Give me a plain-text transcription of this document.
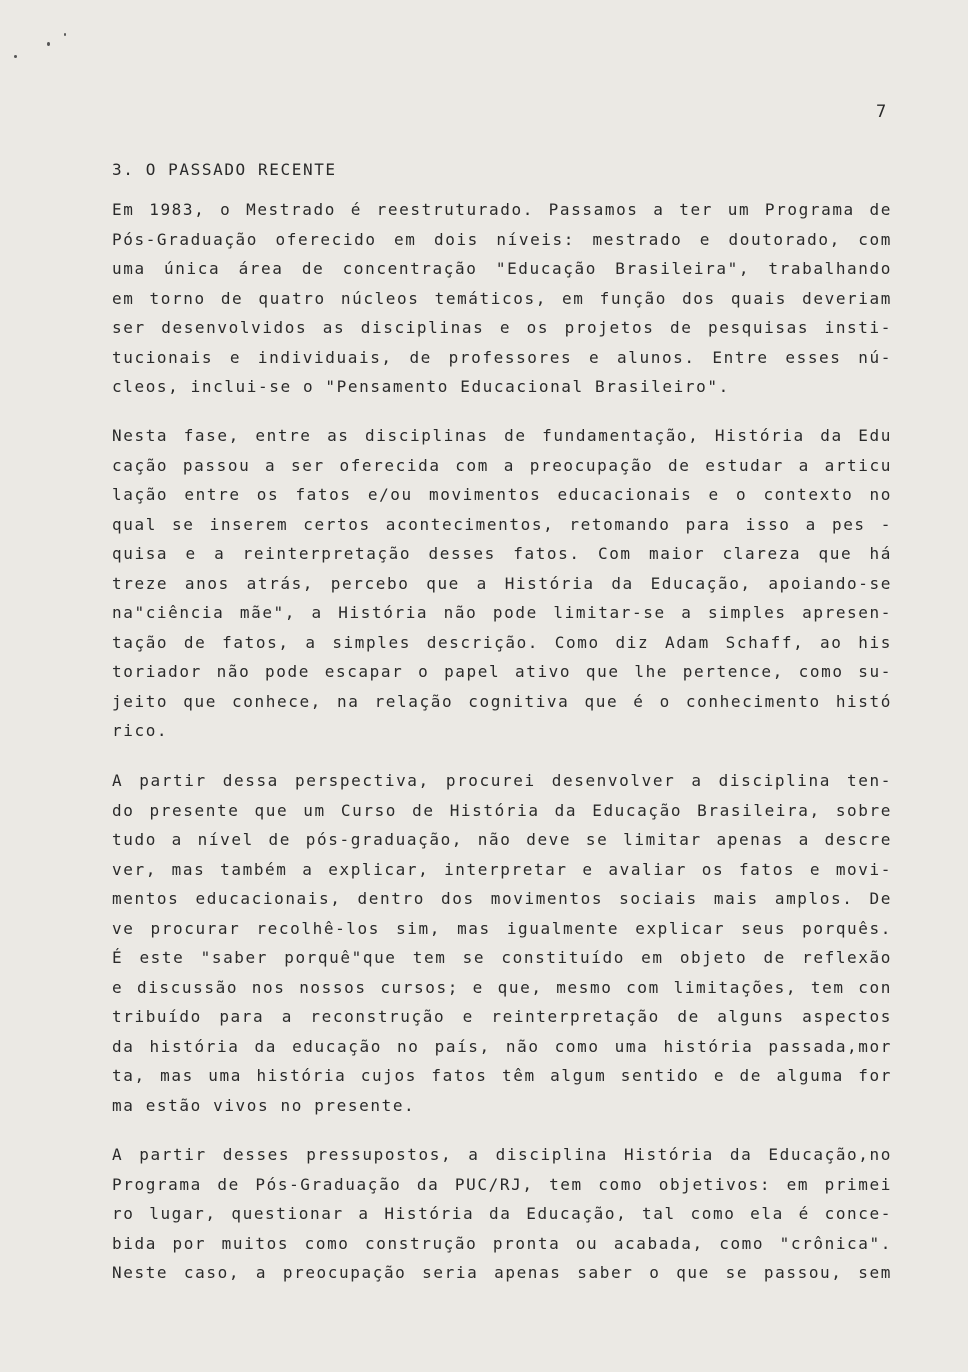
7
3. O PASSADO RECENTE
Em 1983, o Mestrado é reestruturado. Passamos a ter um Programa de
Pós-Graduação oferecido em dois níveis: mestrado e doutorado, com
uma única área de concentração "Educação Brasileira", trabalhando
em torno de quatro núcleos temáticos, em função dos quais deveriam
ser desenvolvidos as disciplinas e os projetos de pesquisas insti-
tucionais e individuais, de professores e alunos. Entre esses nú-
cleos, inclui-se o "Pensamento Educacional Brasileiro".
Nesta fase, entre as disciplinas de fundamentação, História da Edu
cação passou a ser oferecida com a preocupação de estudar a articu
lação entre os fatos e/ou movimentos educacionais e o contexto no
qual se inserem certos acontecimentos, retomando para isso a pes -
quisa e a reinterpretação desses fatos. Com maior clareza que há
treze anos atrás, percebo que a História da Educação, apoiando-se
na"ciência mãe", a História não pode limitar-se a simples apresen-
tação de fatos, a simples descrição. Como diz Adam Schaff, ao his
toriador não pode escapar o papel ativo que lhe pertence, como su-
jeito que conhece, na relação cognitiva que é o conhecimento histó
rico.
A partir dessa perspectiva, procurei desenvolver a disciplina ten-
do presente que um Curso de História da Educação Brasileira, sobre
tudo a nível de pós-graduação, não deve se limitar apenas a descre
ver, mas também a explicar, interpretar e avaliar os fatos e movi-
mentos educacionais, dentro dos movimentos sociais mais amplos. De
ve procurar recolhê-los sim, mas igualmente explicar seus porquês.
É este "saber porquê"que tem se constituído em objeto de reflexão
e discussão nos nossos cursos; e que, mesmo com limitações, tem con
tribuído para a reconstrução e reinterpretação de alguns aspectos
da história da educação no país, não como uma história passada,mor
ta, mas uma história cujos fatos têm algum sentido e de alguma for
ma estão vivos no presente.
A partir desses pressupostos, a disciplina História da Educação,no
Programa de Pós-Graduação da PUC/RJ, tem como objetivos: em primei
ro lugar, questionar a História da Educação, tal como ela é conce-
bida por muitos como construção pronta ou acabada, como "crônica".
Neste caso, a preocupação seria apenas saber o que se passou, sem
